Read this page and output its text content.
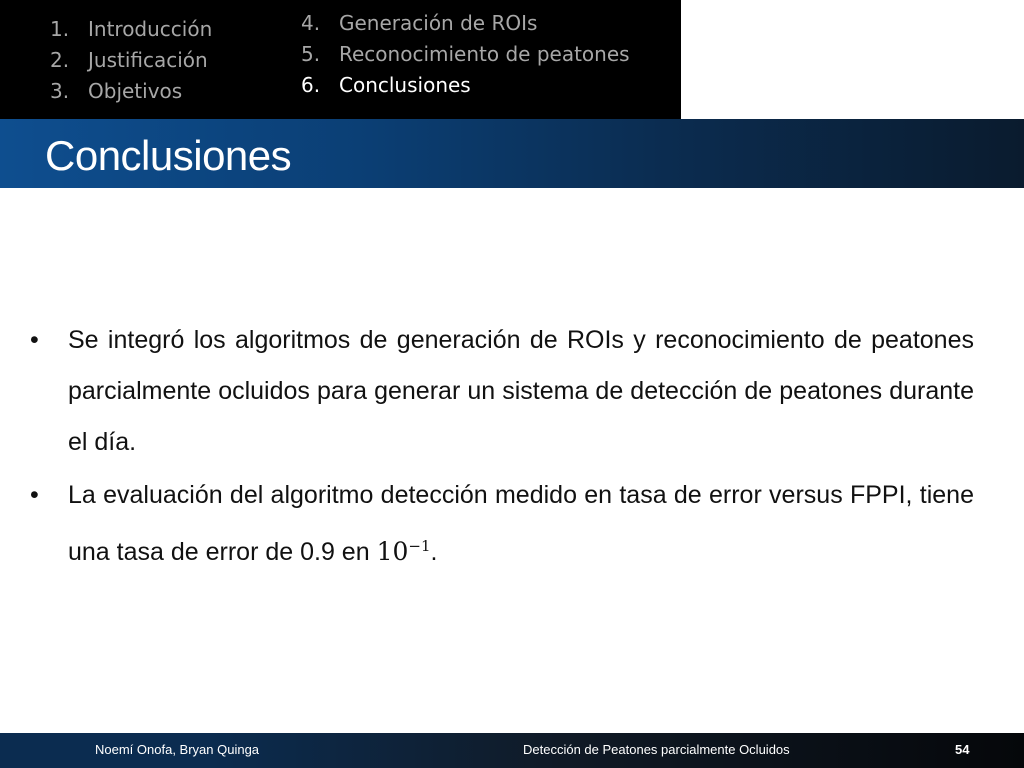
1. Introducción
2. Justificación
3. Objetivos
4. Generación de ROIs
5. Reconocimiento de peatones
6. Conclusiones
Conclusiones

• Se integró los algoritmos de generación de ROIs y reconocimiento de peatones parcialmente ocluidos para generar un sistema de detección de peatones durante el día.

• La evaluación del algoritmo detección medido en tasa de error versus FPPI, tiene una tasa de error de 0.9 en $10^{-1}$.

Noemí Onofa, Bryan Quinga	Detección de Peatones parcialmente Ocluidos	54
